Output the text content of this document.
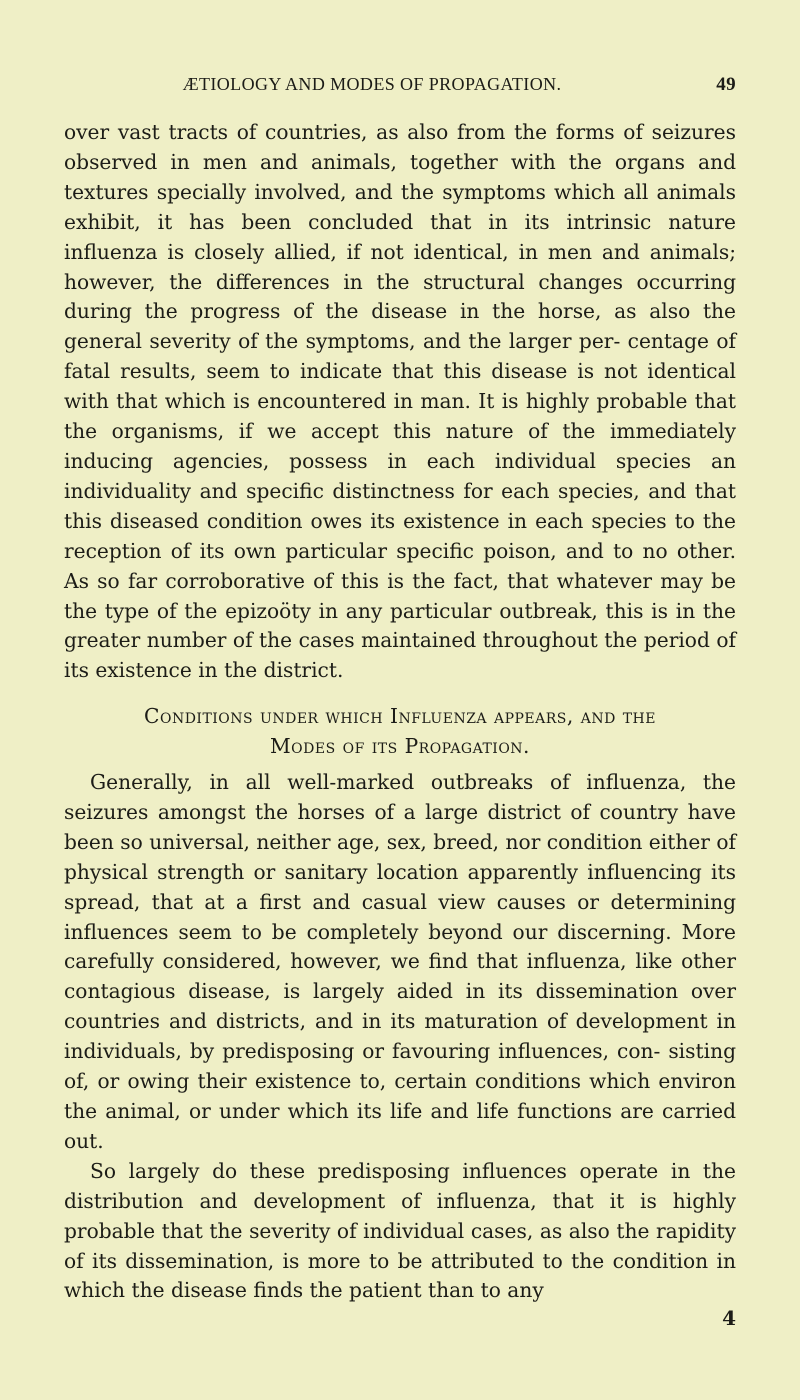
ÆTIOLOGY AND MODES OF PROPAGATION.	49

over vast tracts of countries, as also from the forms of seizures observed in men and animals, together with the organs and textures specially involved, and the symptoms which all animals exhibit, it has been concluded that in its intrinsic nature influenza is closely allied, if not identical, in men and animals; however, the differences in the structural changes occurring during the progress of the disease in the horse, as also the general severity of the symptoms, and the larger per- centage of fatal results, seem to indicate that this disease is not identical with that which is encountered in man. It is highly probable that the organisms, if we accept this nature of the immediately inducing agencies, possess in each individual species an individuality and specific distinctness for each species, and that this diseased condition owes its existence in each species to the reception of its own particular specific poison, and to no other. As so far corroborative of this is the fact, that whatever may be the type of the epizoöty in any particular outbreak, this is in the greater number of the cases maintained throughout the period of its existence in the district.

Conditions under which Influenza appears, and the
Modes of its Propagation.

Generally, in all well-marked outbreaks of influenza, the seizures amongst the horses of a large district of country have been so universal, neither age, sex, breed, nor condition either of physical strength or sanitary location apparently influencing its spread, that at a first and casual view causes or determining influences seem to be completely beyond our discerning. More carefully considered, however, we find that influenza, like other contagious disease, is largely aided in its dissemination over countries and districts, and in its maturation of development in individuals, by predisposing or favouring influences, con- sisting of, or owing their existence to, certain conditions which environ the animal, or under which its life and life functions are carried out.

So largely do these predisposing influences operate in the distribution and development of influenza, that it is highly probable that the severity of individual cases, as also the rapidity of its dissemination, is more to be attributed to the condition in which the disease finds the patient than to any

4
